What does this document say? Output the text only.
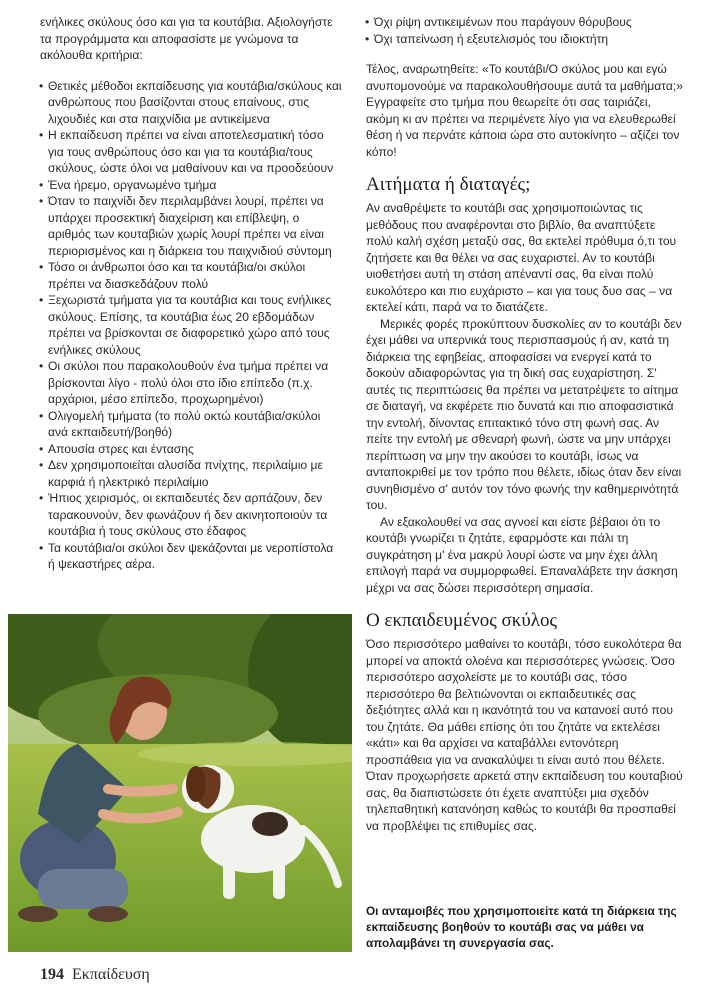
ενήλικες σκύλους όσο και για τα κουτάβια. Αξιολογήστε τα προγράμματα και αποφασίστε με γνώμονα τα ακόλουθα κριτήρια:

• Θετικές μέθοδοι εκπαίδευσης για κουτάβια/σκύλους και ανθρώπους που βασίζονται στους επαίνους, στις λιχουδιές και στα παιχνίδια με αντικείμενα
• Η εκπαίδευση πρέπει να είναι αποτελεσματική τόσο για τους ανθρώπους όσο και για τα κουτάβια/τους σκύλους, ώστε όλοι να μαθαίνουν και να προοδεύουν
• Ένα ήρεμο, οργανωμένο τμήμα
• Όταν το παιχνίδι δεν περιλαμβάνει λουρί, πρέπει να υπάρχει προσεκτική διαχείριση και επίβλεψη, ο αριθμός των κουταβιών χωρίς λουρί πρέπει να είναι περιορισμένος και η διάρκεια του παιχνιδιού σύντομη
• Τόσο οι άνθρωποι όσο και τα κουτάβια/οι σκύλοι πρέπει να διασκεδάζουν πολύ
• Ξεχωριστά τμήματα για τα κουτάβια και τους ενήλικες σκύλους. Επίσης, τα κουτάβια έως 20 εβδομάδων πρέπει να βρίσκονται σε διαφορετικό χώρο από τους ενήλικες σκύλους
• Οι σκύλοι που παρακολουθούν ένα τμήμα πρέπει να βρίσκονται λίγο - πολύ όλοι στο ίδιο επίπεδο (π.χ. αρχάριοι, μέσο επίπεδο, προχωρημένοι)
• Ολιγομελή τμήματα (το πολύ οκτώ κουτάβια/σκύλοι ανά εκπαιδευτή/βοηθό)
• Απουσία στρες και έντασης
• Δεν χρησιμοποιείται αλυσίδα πνίχτης, περιλαίμιο με καρφιά ή ηλεκτρικό περιλαίμιο
• Ήπιος χειρισμός, οι εκπαιδευτές δεν αρπάζουν, δεν ταρακουνούν, δεν φωνάζουν ή δεν ακινητοποιούν τα κουτάβια ή τους σκύλους στο έδαφος
• Τα κουτάβια/οι σκύλοι δεν ψεκάζονται με νεροπίστολα ή ψεκαστήρες αέρα.
• Όχι ρίψη αντικειμένων που παράγουν θόρυβους
• Όχι ταπείνωση ή εξευτελισμός του ιδιοκτήτη

Τέλος, αναρωτηθείτε: «Το κουτάβι/Ο σκύλος μου και εγώ ανυπομονούμε να παρακολουθήσουμε αυτά τα μαθήματα;» Εγγραφείτε στο τμήμα που θεωρείτε ότι σας ταιριάζει, ακόμη κι αν πρέπει να περιμένετε λίγο για να ελευθερωθεί θέση ή να περνάτε κάποια ώρα στο αυτοκίνητο – αξίζει τον κόπο!

Αιτήματα ή διαταγές;

Αν αναθρέψετε το κουτάβι σας χρησιμοποιώντας τις μεθόδους που αναφέρονται στο βιβλίο, θα αναπτύξετε πολύ καλή σχέση μεταξύ σας, θα εκτελεί πρόθυμα ό,τι του ζητήσετε και θα θέλει να σας ευχαριστεί. Αν το κουτάβι υιοθετήσει αυτή τη στάση απέναντί σας, θα είναι πολύ ευκολότερο και πιο ευχάριστο – και για τους δυο σας – να εκτελεί κάτι, παρά να το διατάζετε.

Μερικές φορές προκύπτουν δυσκολίες αν το κουτάβι δεν έχει μάθει να υπερνικά τους περισπασμούς ή αν, κατά τη διάρκεια της εφηβείας, αποφασίσει να ενεργεί κατά το δοκούν αδιαφορώντας για τη δική σας ευχαρίστηση. Σ' αυτές τις περιπτώσεις θα πρέπει να μετατρέψετε το αίτημα σε διαταγή, να εκφέρετε πιο δυνατά και πιο αποφασιστικά την εντολή, δίνοντας επιτακτικό τόνο στη φωνή σας. Αν πείτε την εντολή με σθεναρή φωνή, ώστε να μην υπάρχει περίπτωση να μην την ακούσει το κουτάβι, ίσως να ανταποκριθεί με τον τρόπο που θέλετε, ιδίως όταν δεν είναι συνηθισμένο σ' αυτόν τον τόνο φωνής την καθημερινότητά του.

Αν εξακολουθεί να σας αγνοεί και είστε βέβαιοι ότι το κουτάβι γνωρίζει τι ζητάτε, εφαρμόστε και πάλι τη συγκράτηση μ' ένα μακρύ λουρί ώστε να μην έχει άλλη επιλογή παρά να συμμορφωθεί. Επαναλάβετε την άσκηση μέχρι να σας δώσει περισσότερη σημασία.

Ο εκπαιδευμένος σκύλος

Όσο περισσότερο μαθαίνει το κουτάβι, τόσο ευκολότερα θα μπορεί να αποκτά ολοένα και περισσότερες γνώσεις. Όσο περισσότερο ασχολείστε με το κουτάβι σας, τόσο περισσότερο θα βελτιώνονται οι εκπαιδευτικές σας δεξιότητες αλλά και η ικανότητά του να κατανοεί αυτό που του ζητάτε. Θα μάθει επίσης ότι του ζητάτε να εκτελέσει «κάτι» και θα αρχίσει να καταβάλλει εντονότερη προσπάθεια για να ανακαλύψει τι είναι αυτό που θέλετε. Όταν προχωρήσετε αρκετά στην εκπαίδευση του κουταβιού σας, θα διαπιστώσετε ότι έχετε αναπτύξει μια σχεδόν τηλεπαθητική κατανόηση καθώς το κουτάβι θα προσπαθεί να προβλέψει τις επιθυμίες σας.

Οι ανταμοιβές που χρησιμοποιείτε κατά τη διάρκεια της εκπαίδευσης βοηθούν το κουτάβι σας να μάθει να απολαμβάνει τη συνεργασία σας.
194 Εκπαίδευση
